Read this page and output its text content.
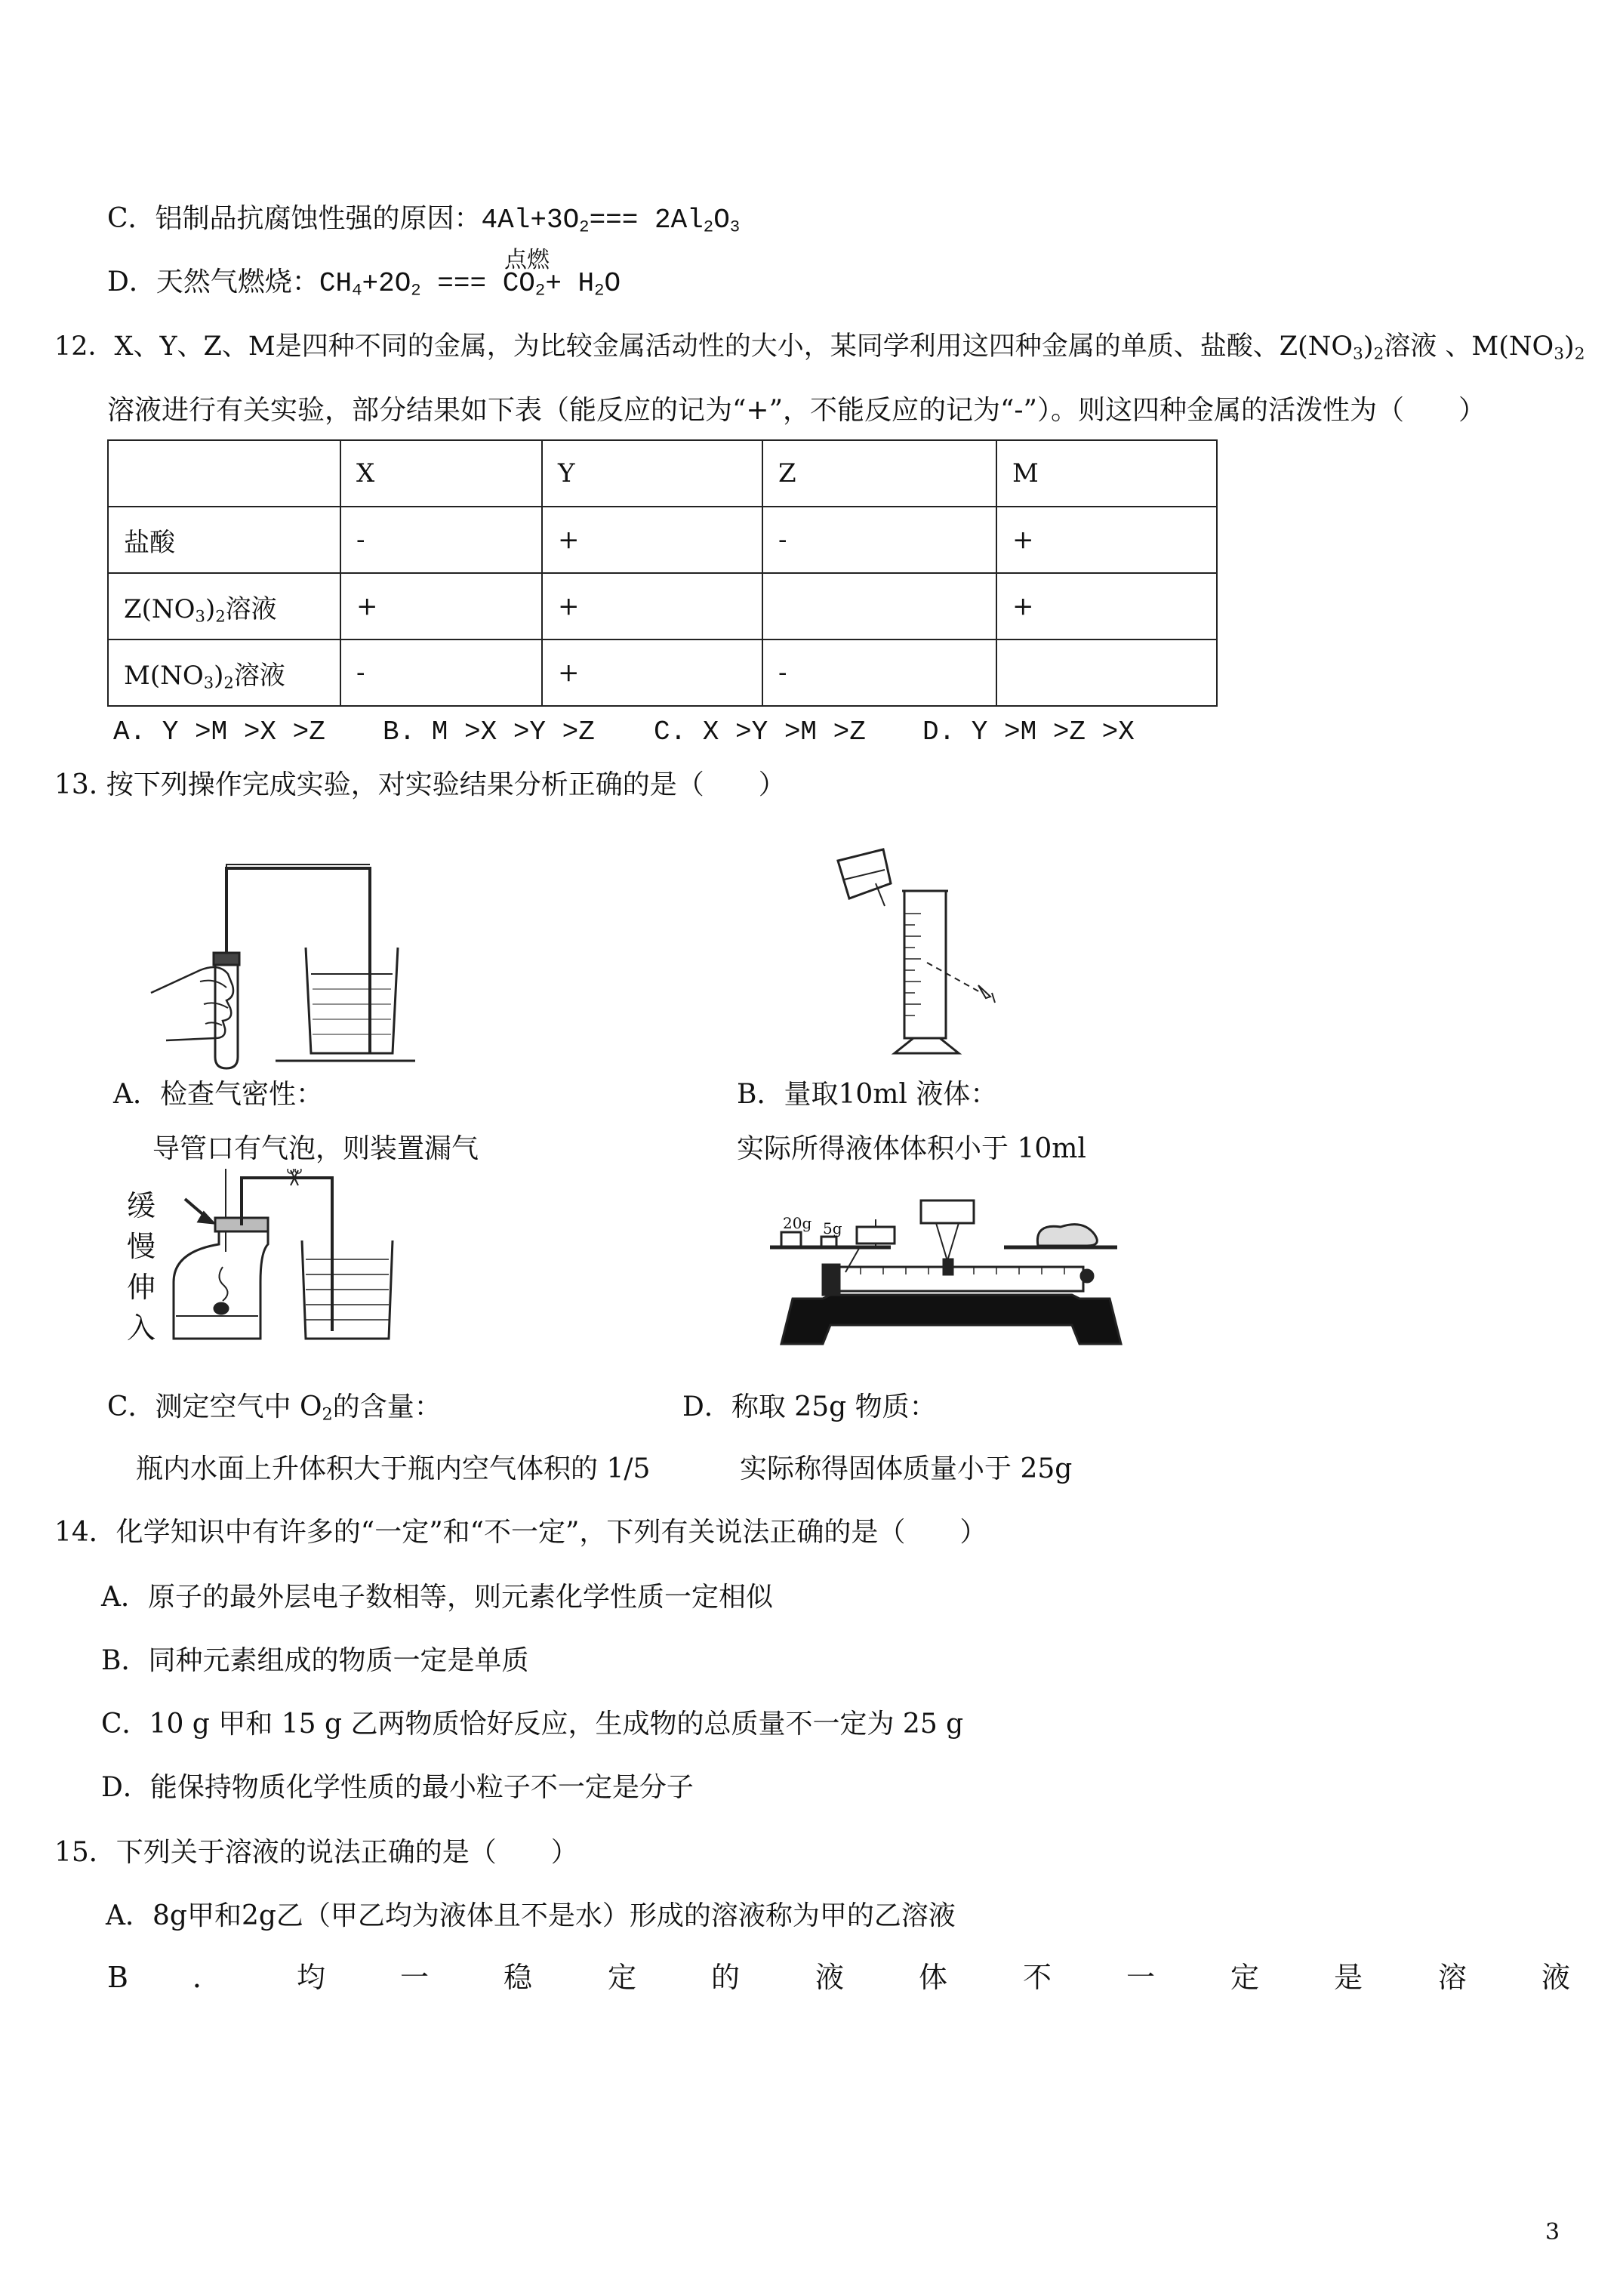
C．铝制品抗腐蚀性强的原因：$4Al+3O_2=== 2Al_2O_3$
点燃
D．天然气燃烧：$CH_4+2O_2$ === $CO_2+ H_2O$
12．X、Y、Z、M是四种不同的金属，为比较金属活动性的大小，某同学利用这四种金属的单质、盐酸、$Z(NO_3)_2$溶液 、$M(NO_3)_2$
溶液进行有关实验，部分结果如下表（能反应的记为“+”，不能反应的记为“-”）。则这四种金属的活泼性为（　　）
	X	Y	Z	M
盐酸	-	+	-	+
$Z(NO_3)_2$溶液	+	+		+
$M(NO_3)_2$溶液	-	+	-	
A. Y >M >X >Z B. M >X >Y >Z C. X >Y >M >Z D. Y >M >Z >X
13. 按下列操作完成实验，对实验结果分析正确的是（　　）
A．检查气密性：	B．量取10ml 液体：
导管口有气泡，则装置漏气	实际所得液体体积小于 10ml
缓
慢
伸
入
20g 5g
C．测定空气中 $O_2$的含量：	D．称取 25g 物质：
瓶内水面上升体积大于瓶内空气体积的 1/5	实际称得固体质量小于 25g
14．化学知识中有许多的“一定”和“不一定”，下列有关说法正确的是（　　）
A．原子的最外层电子数相等，则元素化学性质一定相似
B．同种元素组成的物质一定是单质
C．10 g 甲和 15 g 乙两物质恰好反应，生成物的总质量不一定为 25 g
D．能保持物质化学性质的最小粒子不一定是分子
15．下列关于溶液的说法正确的是（　　）
A．8g甲和2g乙（甲乙均为液体且不是水）形成的溶液称为甲的乙溶液
B ．	均	一	稳	定	的	液	体	不	一	定	是	溶	液
3
